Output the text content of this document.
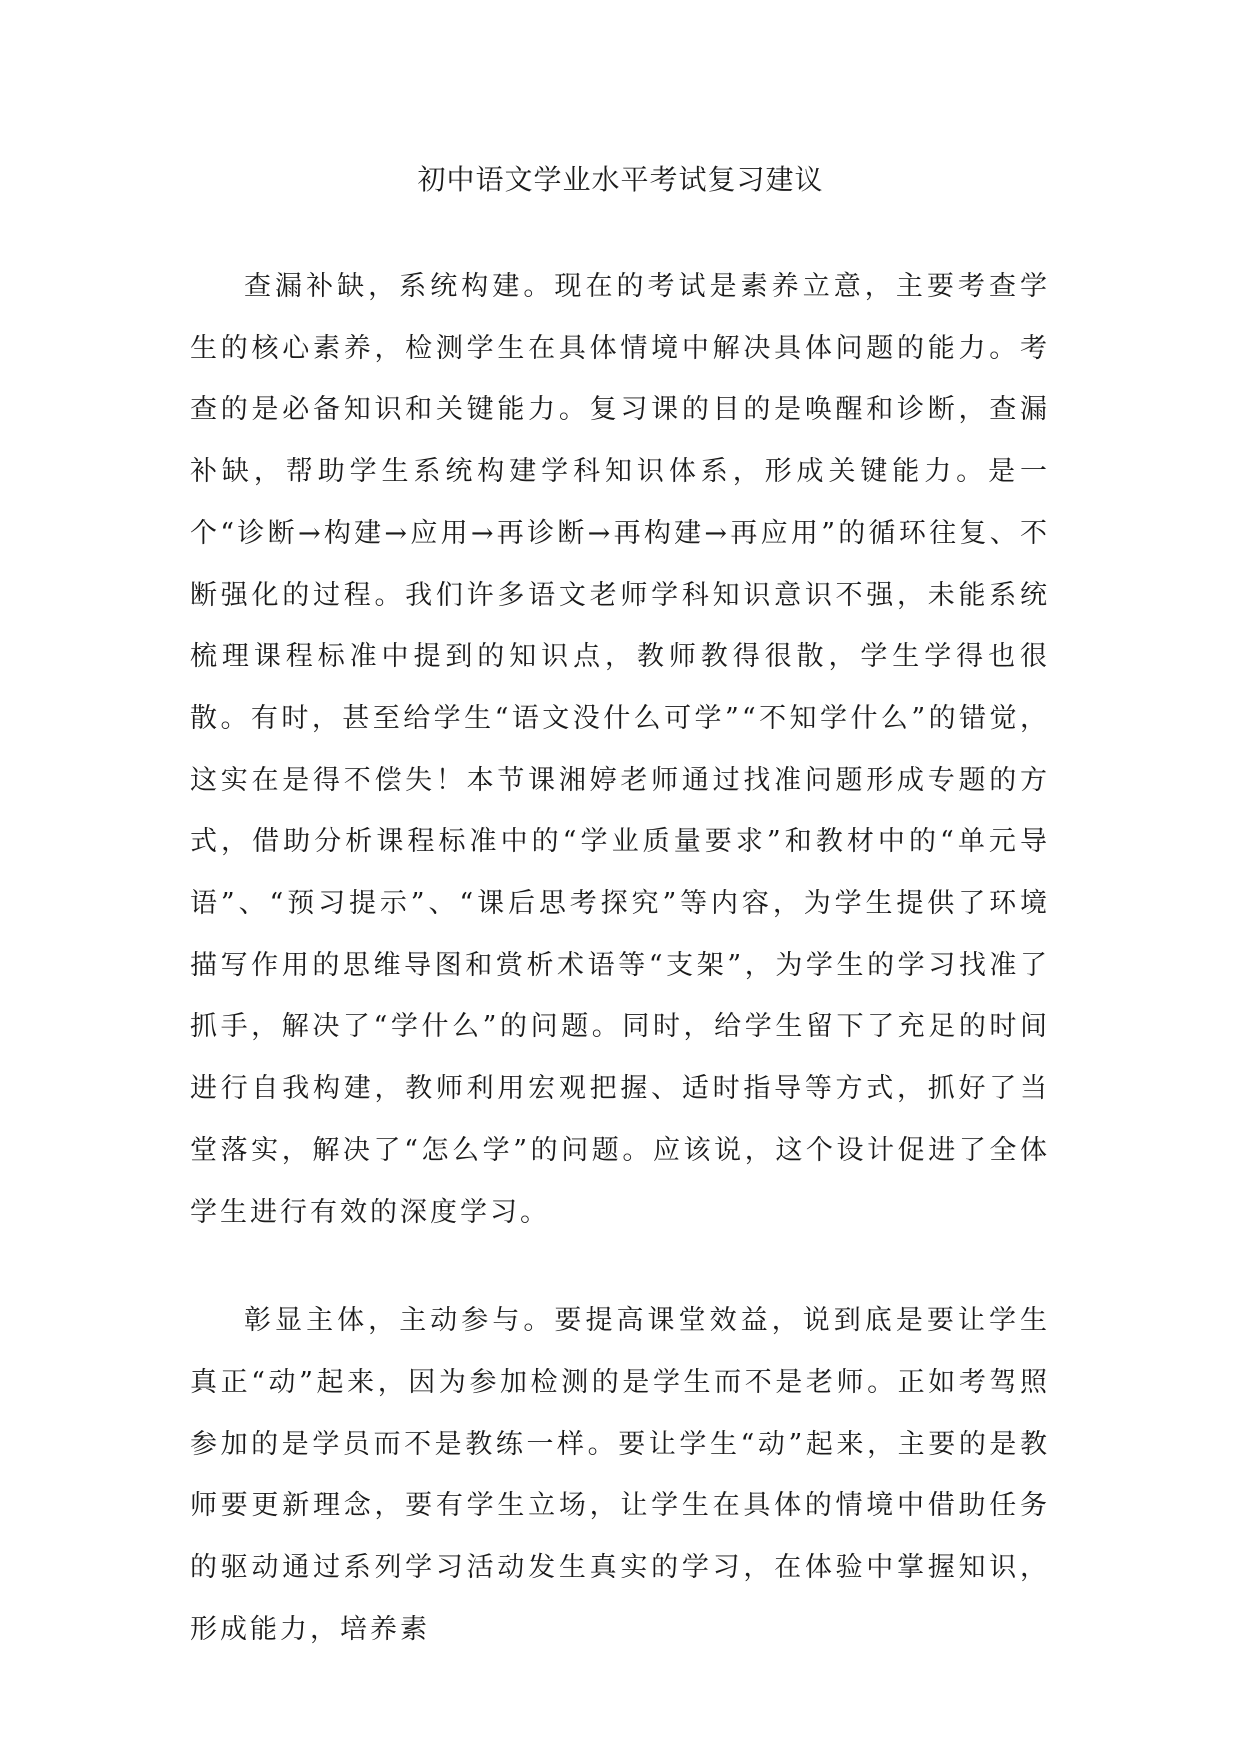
初中语文学业水平考试复习建议

查漏补缺，系统构建。现在的考试是素养立意，主要考查学生的核心素养，检测学生在具体情境中解决具体问题的能力。考查的是必备知识和关键能力。复习课的目的是唤醒和诊断，查漏补缺，帮助学生系统构建学科知识体系，形成关键能力。是一个“诊断→构建→应用→再诊断→再构建→再应用”的循环往复、不断强化的过程。我们许多语文老师学科知识意识不强，未能系统梳理课程标准中提到的知识点，教师教得很散，学生学得也很散。有时，甚至给学生“语文没什么可学”“不知学什么”的错觉，这实在是得不偿失！本节课湘婷老师通过找准问题形成专题的方式，借助分析课程标准中的“学业质量要求”和教材中的“单元导语”、“预习提示”、“课后思考探究”等内容，为学生提供了环境描写作用的思维导图和赏析术语等“支架”，为学生的学习找准了抓手，解决了“学什么”的问题。同时，给学生留下了充足的时间进行自我构建，教师利用宏观把握、适时指导等方式，抓好了当堂落实，解决了“怎么学”的问题。应该说，这个设计促进了全体学生进行有效的深度学习。

彰显主体，主动参与。要提高课堂效益，说到底是要让学生真正“动”起来，因为参加检测的是学生而不是老师。正如考驾照参加的是学员而不是教练一样。要让学生“动”起来，主要的是教师要更新理念，要有学生立场，让学生在具体的情境中借助任务的驱动通过系列学习活动发生真实的学习，在体验中掌握知识，形成能力，培养素
